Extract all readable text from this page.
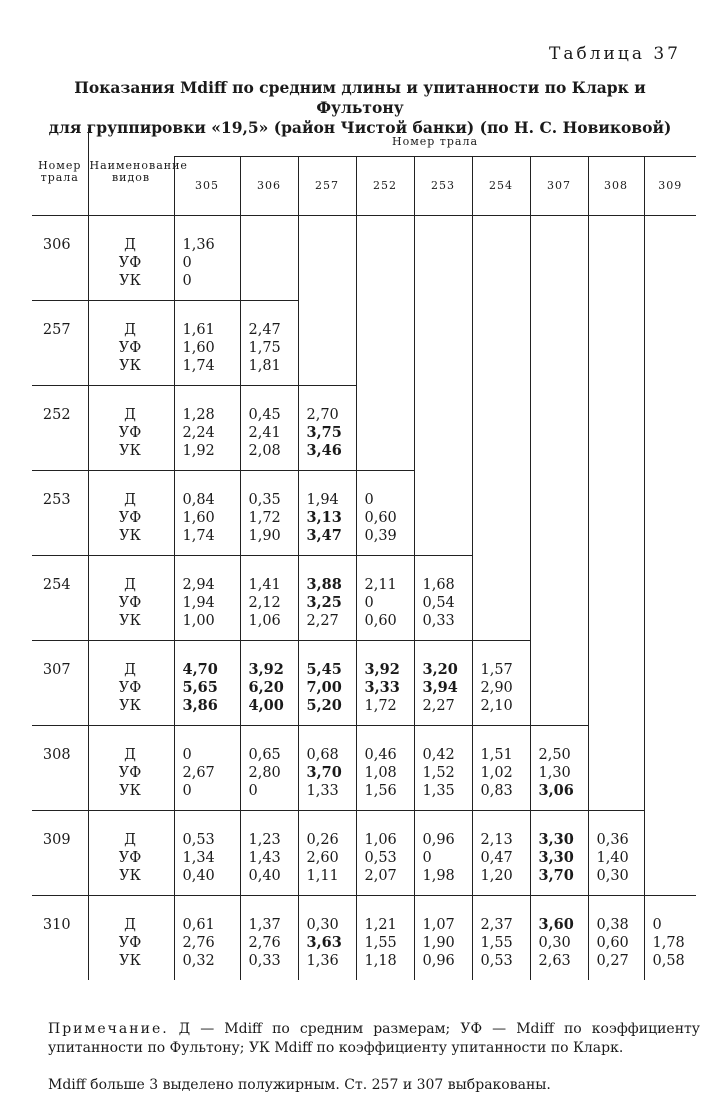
Таблица 37
Показания Mdiff по средним длины и упитанности по Кларк и Фультону
для группировки «19,5» (район Чистой банки) (по Н. С. Новиковой)
Номер трала	Наименование видов	Номер трала								
		305	306	257	252	253	254	307	308	309
306	Д
УФ
УК	1,36
0
0								

257	Д
УФ
УК	1,61
1,60
1,74	2,47
1,75
1,81							

252	Д
УФ
УК	1,28
2,24
1,92	0,45
2,41
2,08	2,70
3,75
3,46						

253	Д
УФ
УК	0,84
1,60
1,74	0,35
1,72
1,90	1,94
3,13
3,47	0
0,60
0,39					

254	Д
УФ
УК	2,94
1,94
1,00	1,41
2,12
1,06	3,88
3,25
2,27	2,11
0
0,60	1,68
0,54
0,33				

307	Д
УФ
УК	4,70
5,65
3,86	3,92
6,20
4,00	5,45
7,00
5,20	3,92
3,33
1,72	3,20
3,94
2,27	1,57
2,90
2,10			

308	Д
УФ
УК	0
2,67
0	0,65
2,80
0	0,68
3,70
1,33	0,46
1,08
1,56	0,42
1,52
1,35	1,51
1,02
0,83	2,50
1,30
3,06		

309	Д
УФ
УК	0,53
1,34
0,40	1,23
1,43
0,40	0,26
2,60
1,11	1,06
0,53
2,07	0,96
0
1,98	2,13
0,47
1,20	3,30
3,30
3,70	0,36
1,40
0,30	

310	Д
УФ
УК	0,61
2,76
0,32	1,37
2,76
0,33	0,30
3,63
1,36	1,21
1,55
1,18	1,07
1,90
0,96	2,37
1,55
0,53	3,60
0,30
2,63	0,38
0,60
0,27	0
1,78
0,58
Примечание. Д — Mdiff по средним размерам; УФ — Mdiff по коэффициенту упитанности по Фультону; УК Mdiff по коэффициенту упитанности по Кларк.
Mdiff больше 3 выделено полужирным. Ст. 257 и 307 выбракованы.
